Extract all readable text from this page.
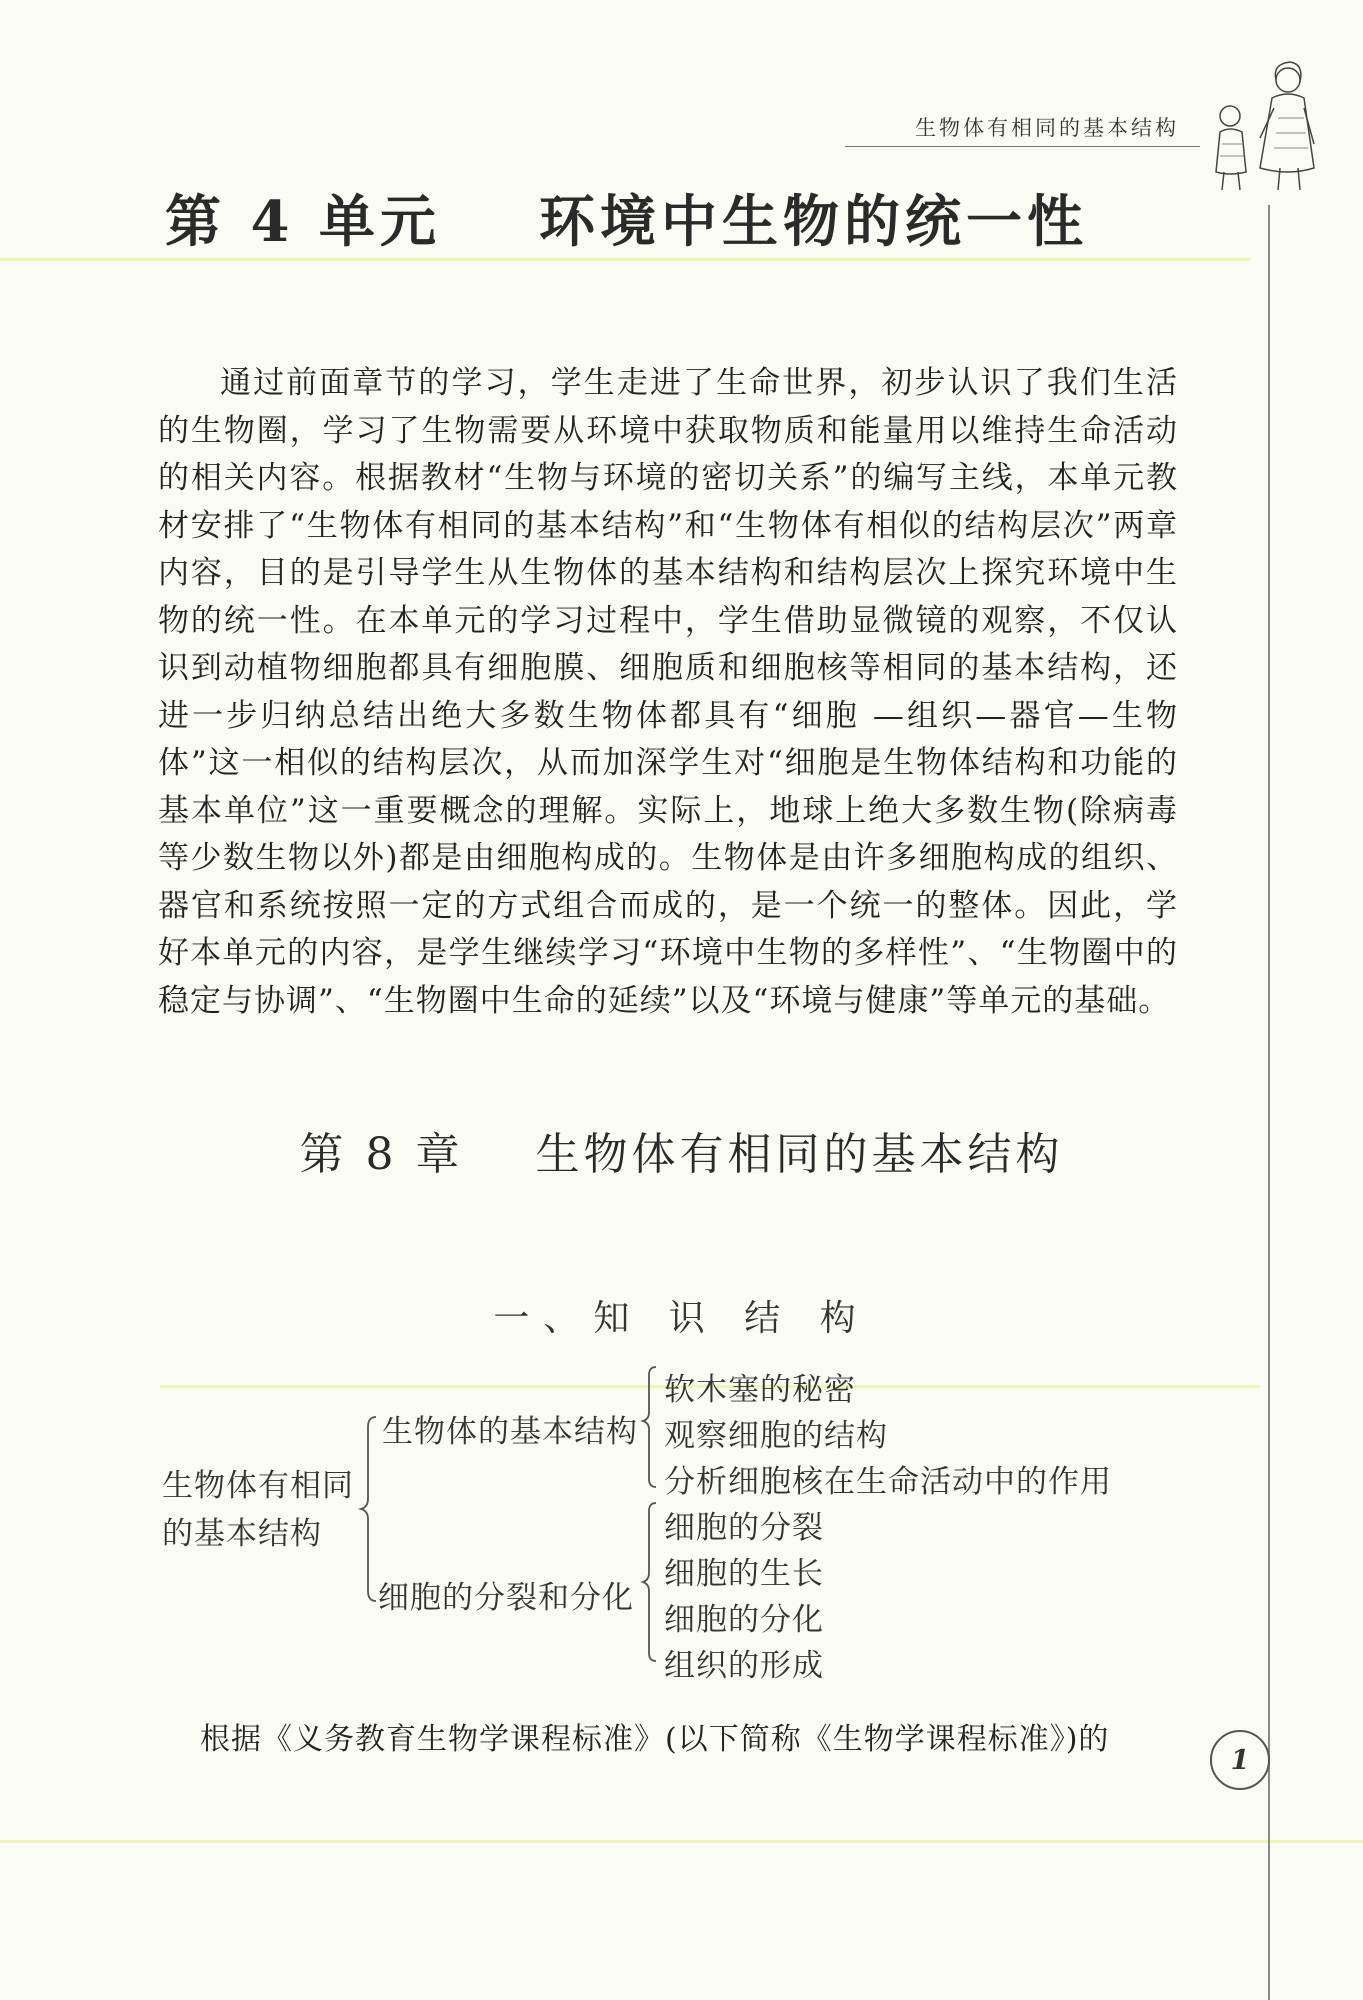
生物体有相同的基本结构
第 4 单元    环境中生物的统一性

通过前面章节的学习，学生走进了生命世界，初步认识了我们生活的生物圈，学习了生物需要从环境中获取物质和能量用以维持生命活动的相关内容。根据教材“生物与环境的密切关系”的编写主线，本单元教材安排了“生物体有相同的基本结构”和“生物体有相似的结构层次”两章内容，目的是引导学生从生物体的基本结构和结构层次上探究环境中生物的统一性。在本单元的学习过程中，学生借助显微镜的观察，不仅认识到动植物细胞都具有细胞膜、细胞质和细胞核等相同的基本结构，还进一步归纳总结出绝大多数生物体都具有“细胞 —组织—器官—生物体”这一相似的结构层次，从而加深学生对“细胞是生物体结构和功能的基本单位”这一重要概念的理解。实际上，地球上绝大多数生物(除病毒等少数生物以外)都是由细胞构成的。生物体是由许多细胞构成的组织、器官和系统按照一定的方式组合而成的，是一个统一的整体。因此，学好本单元的内容，是学生继续学习“环境中生物的多样性”、“生物圈中的稳定与协调”、“生物圈中生命的延续”以及“环境与健康”等单元的基础。

第 8 章    生物体有相同的基本结构
一、知 识 结 构
生物体有相同
的基本结构
生物体的基本结构
细胞的分裂和分化
软木塞的秘密
观察细胞的结构
分析细胞核在生命活动中的作用
细胞的分裂
细胞的生长
细胞的分化
组织的形成
根据《义务教育生物学课程标准》(以下简称《生物学课程标准》)的
1
